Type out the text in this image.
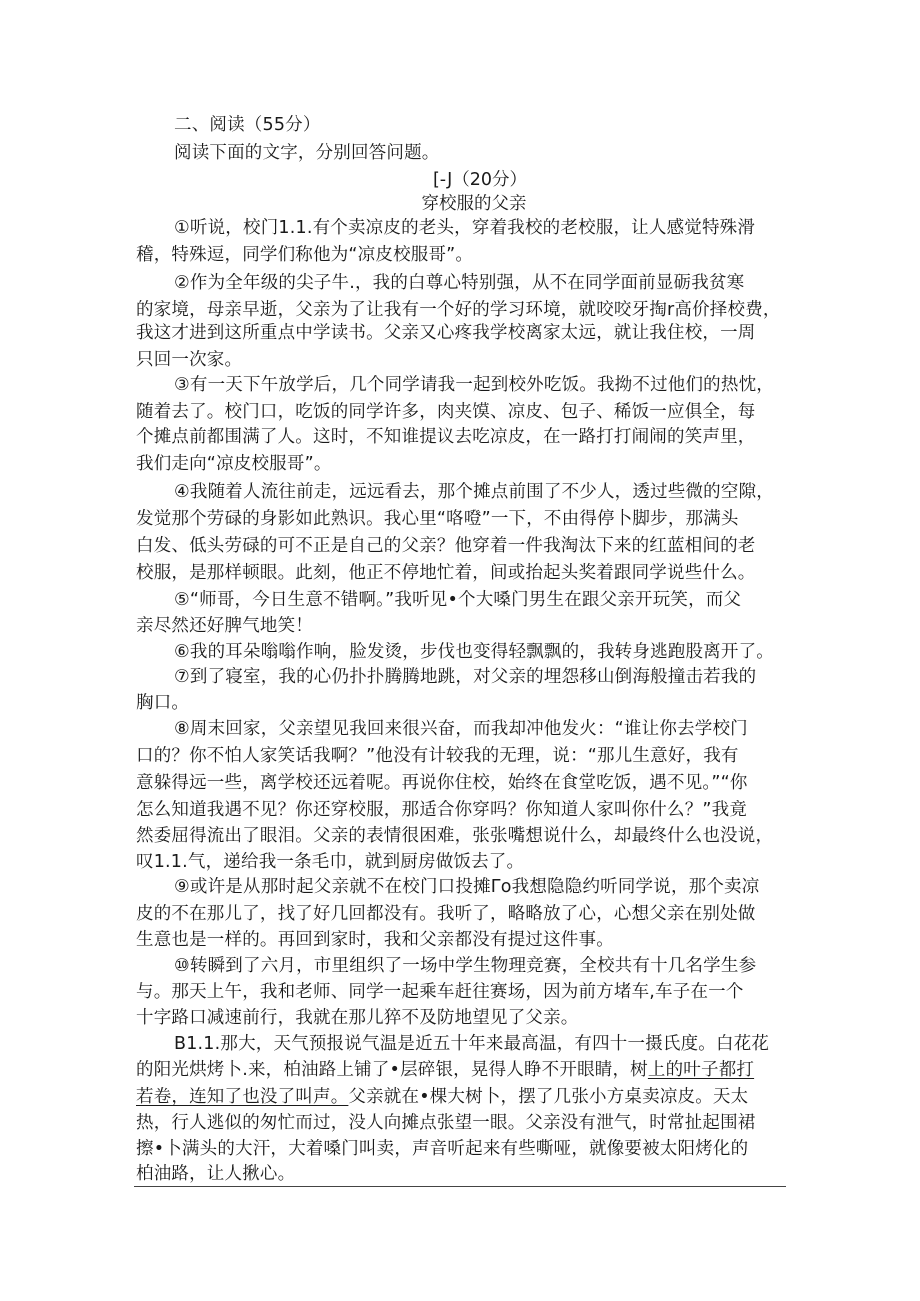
二、阅读（55分）
阅读下面的文字，分别回答问题。
[-J（20分）
穿校服的父亲
①听说，校门1.1.有个卖凉皮的老头，穿着我校的老校服，让人感觉特殊滑
稽，特殊逗，同学们称他为“凉皮校服哥”。
②作为全年级的尖子牛.，我的白尊心特别强，从不在同学面前显砺我贫寒
的家境，母亲早逝，父亲为了让我有一个好的学习环境，就咬咬牙掏r高价择校费，
我这才进到这所重点中学读书。父亲又心疼我学校离家太远，就让我住校，一周
只回一次家。
③有一天下午放学后，几个同学请我一起到校外吃饭。我拗不过他们的热忱，
随着去了。校门口，吃饭的同学许多，肉夹馍、凉皮、包子、稀饭一应俱全，每
个摊点前都围满了人。这时，不知谁提议去吃凉皮，在一路打打闹闹的笑声里，
我们走向“凉皮校服哥”。
④我随着人流往前走，远远看去，那个摊点前围了不少人，透过些微的空隙，
发觉那个劳碌的身影如此熟识。我心里“咯噔”一下，不由得停卜脚步，那满头
白发、低头劳碌的可不正是自己的父亲？他穿着一件我淘汰下来的红蓝相间的老
校服，是那样顿眼。此刻，他正不停地忙着，间或抬起头奖着跟同学说些什么。
⑤“师哥，今日生意不错啊。”我听见•个大嗓门男生在跟父亲开玩笑，而父
亲尽然还好脾气地笑！
⑥我的耳朵嗡嗡作响，脸发烫，步伐也变得轻飘飘的，我转身逃跑股离开了。
⑦到了寝室，我的心仍扑扑腾腾地跳，对父亲的埋怨移山倒海般撞击若我的
胸口。
⑧周末回家，父亲望见我回来很兴奋，而我却冲他发火：“谁让你去学校门
口的？你不怕人家笑话我啊？”他没有计较我的无理，说：“那儿生意好，我有
意躲得远一些，离学校还远着呢。再说你住校，始终在食堂吃饭，遇不见。”“你
怎么知道我遇不见？你还穿校服，那适合你穿吗？你知道人家叫你什么？”我竟
然委屈得流出了眼泪。父亲的表情很困难，张张嘴想说什么，却最终什么也没说，
叹1.1.气，递给我一条毛巾，就到厨房做饭去了。
⑨或许是从那时起父亲就不在校门口投摊Γo我想隐隐约听同学说，那个卖凉
皮的不在那儿了，找了好几回都没有。我听了，略略放了心，心想父亲在别处做
生意也是一样的。再回到家时，我和父亲都没有提过这件事。
⑩转瞬到了六月，市里组织了一场中学生物理竞赛，全校共有十几名学生参
与。那天上午，我和老师、同学一起乘车赶往赛场，因为前方堵车,车子在一个
十字路口减速前行，我就在那儿猝不及防地望见了父亲。
B1.1.那大，天气预报说气温是近五十年来最高温，有四十一摄氏度。白花花
的阳光烘烤卜.来，柏油路上铺了•层碎银，晃得人睁不开眼睛，树上的叶子都打
若卷，连知了也没了叫声。父亲就在•棵大树卜，摆了几张小方桌卖凉皮。天太
热，行人逃似的匆忙而过，没人向摊点张望一眼。父亲没有泄气，时常扯起围裙
擦•卜满头的大汗，大着嗓门叫卖，声音听起来有些嘶哑，就像要被太阳烤化的
柏油路，让人揪心。
